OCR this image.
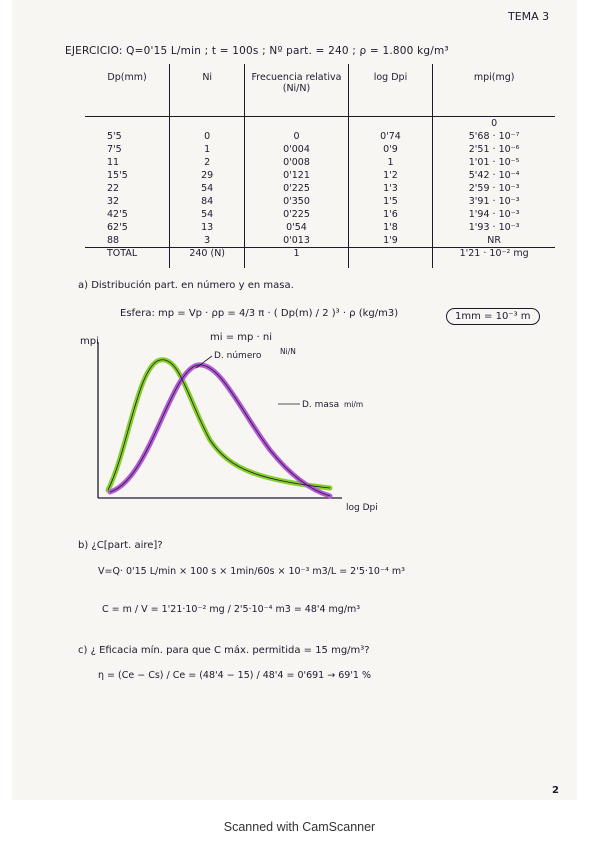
TEMA 3
EJERCICIO: Q=0'15 L/min ; t = 100s ; Nº part. = 240 ; ρ = 1.800 kg/m³
Dp(mm)	Ni	Frecuencia relativa (Ni/N)	log Dpi	mpi(mg)
				0
5'5	0	0	0'74	5'68 · 10⁻⁷
7'5	1	0'004	0'9	2'51 · 10⁻⁶
11	2	0'008	1	1'01 · 10⁻⁵
15'5	29	0'121	1'2	5'42 · 10⁻⁴
22	54	0'225	1'3	2'59 · 10⁻³
32	84	0'350	1'5	3'91 · 10⁻³
42'5	54	0'225	1'6	1'94 · 10⁻³
62'5	13	0'54	1'8	1'93 · 10⁻³
88	3	0'013	1'9	NR
TOTAL	240 (N)	1		1'21 · 10⁻² mg
a) Distribución part. en número y en masa.
Esfera: mp = Vp · ρp = 4/3 π · ( Dp(m) / 2 )³ · ρ (kg/m3)	1mm = 10⁻³ m
mi = mp · ni
mpi
log Dpi
D. número Ni/N
D. masa mi/m
b) ¿C[part. aire]?
V=Q· 0'15 L/min × 100 s × 1min/60s × 10⁻³ m3/L = 2'5·10⁻⁴ m³
C = m / V = 1'21·10⁻² mg / 2'5·10⁻⁴ m3 = 48'4 mg/m³
c) ¿ Eficacia mín. para que C máx. permitida = 15 mg/m³?
η = (Ce − Cs) / Ce = (48'4 − 15) / 48'4 = 0'691 → 69'1 %
2
Scanned with CamScanner
